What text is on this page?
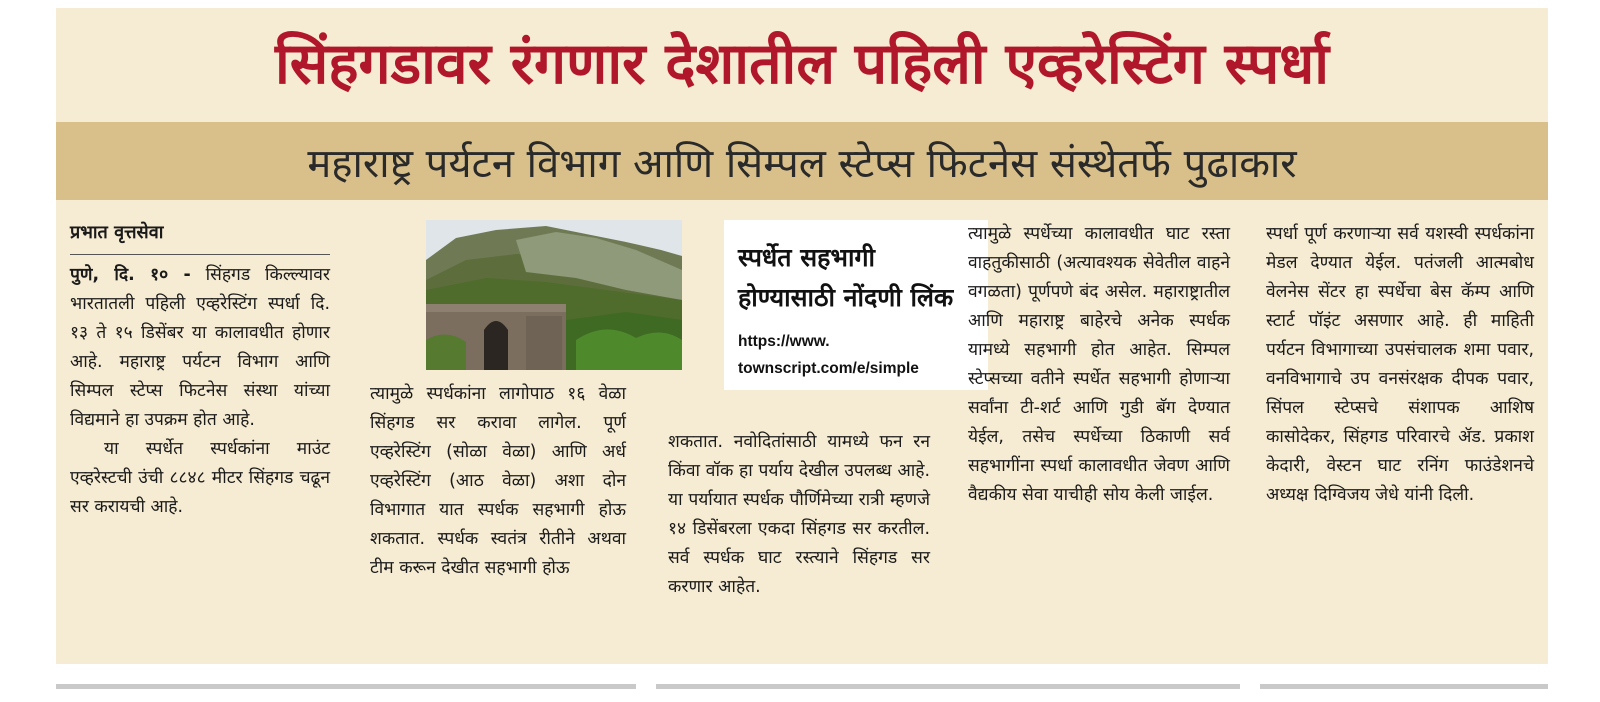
सिंहगडावर रंगणार देशातील पहिली एव्हरेस्टिंग स्पर्धा
महाराष्ट्र पर्यटन विभाग आणि सिम्पल स्टेप्स फिटनेस संस्थेतर्फे पुढाकार
प्रभात वृत्तसेवा

पुणे, दि. १० - सिंहगड किल्ल्यावर भारतातली पहिली एव्हरेस्टिंग स्पर्धा दि. १३ ते १५ डिसेंबर या कालावधीत होणार आहे. महाराष्ट्र पर्यटन विभाग आणि सिम्पल स्टेप्स फिटनेस संस्था यांच्या विद्यमाने हा उपक्रम होत आहे.

या स्पर्धेत स्पर्धकांना माउंट एव्हरेस्टची उंची ८८४८ मीटर सिंहगड चढून सर करायची आहे.

त्यामुळे स्पर्धकांना लागोपाठ १६ वेळा सिंहगड सर करावा लागेल. पूर्ण एव्हरेस्टिंग (सोळा वेळा) आणि अर्ध एव्हरेस्टिंग (आठ वेळा) अशा दोन विभागात यात स्पर्धक सहभागी होऊ शकतात. स्पर्धक स्वतंत्र रीतीने अथवा टीम करून देखीत सहभागी होऊ

स्पर्धेत सहभागी होण्यासाठी नोंदणी लिंक https://www.
townscript.com/e/simple

शकतात. नवोदितांसाठी यामध्ये फन रन किंवा वॉक हा पर्याय देखील उपलब्ध आहे. या पर्यायात स्पर्धक पौर्णिमेच्या रात्री म्हणजे १४ डिसेंबरला एकदा सिंहगड सर करतील. सर्व स्पर्धक घाट रस्त्याने सिंहगड सर करणार आहेत.

त्यामुळे स्पर्धेच्या कालावधीत घाट रस्ता वाहतुकीसाठी (अत्यावश्यक सेवेतील वाहने वगळता) पूर्णपणे बंद असेल. महाराष्ट्रातील आणि महाराष्ट्र बाहेरचे अनेक स्पर्धक यामध्ये सहभागी होत आहेत. सिम्पल स्टेप्सच्या वतीने स्पर्धेत सहभागी होणाऱ्या सर्वांना टी-शर्ट आणि गुडी बॅग देण्यात येईल, तसेच स्पर्धेच्या ठिकाणी सर्व सहभागींना स्पर्धा कालावधीत जेवण आणि वैद्यकीय सेवा याचीही सोय केली जाईल.

स्पर्धा पूर्ण करणाऱ्या सर्व यशस्वी स्पर्धकांना मेडल देण्यात येईल. पतंजली आत्मबोध वेलनेस सेंटर हा स्पर्धेचा बेस कॅम्प आणि स्टार्ट पॉइंट असणार आहे. ही माहिती पर्यटन विभागाच्या उपसंचालक शमा पवार, वनविभागाचे उप वनसंरक्षक दीपक पवार, सिंपल स्टेप्सचे संशापक आशिष कासोदेकर, सिंहगड परिवारचे ॲड. प्रकाश केदारी, वेस्टन घाट रनिंग फाउंडेशनचे अध्यक्ष दिग्विजय जेधे यांनी दिली.
